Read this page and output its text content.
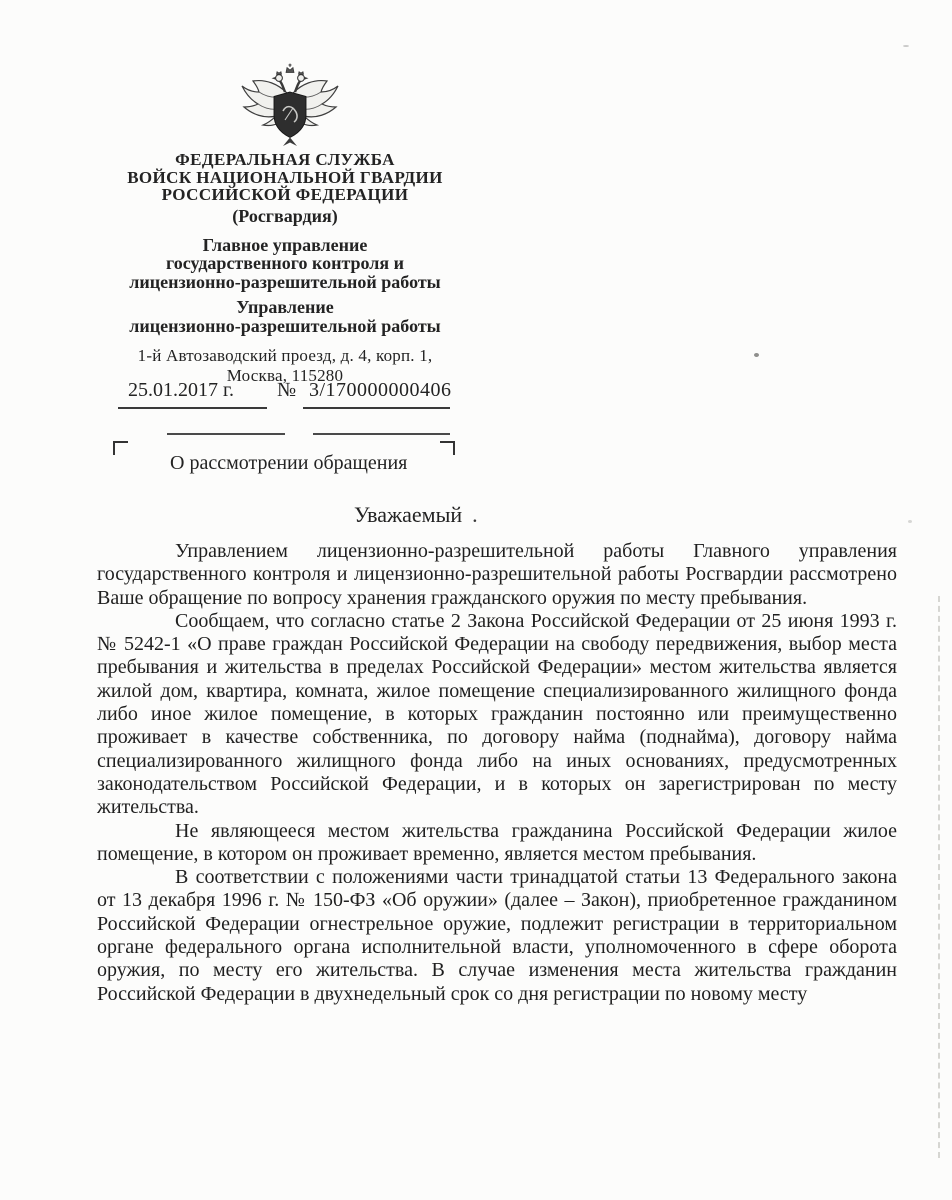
ФЕДЕРАЛЬНАЯ СЛУЖБА
ВОЙСК НАЦИОНАЛЬНОЙ ГВАРДИИ
РОССИЙСКОЙ ФЕДЕРАЦИИ
(Росгвардия)
Главное управление
государственного контроля и
лицензионно-разрешительной работы
Управление
лицензионно-разрешительной работы
1-й Автозаводский проезд, д. 4, корп. 1,
Москва, 115280
25.01.2017 г. № 3/170000000406
О рассмотрении обращения
Уважаемый .

Управлением лицензионно-разрешительной работы Главного управления государственного контроля и лицензионно-разрешительной работы Росгвардии рассмотрено Ваше обращение по вопросу хранения гражданского оружия по месту пребывания.

Сообщаем, что согласно статье 2 Закона Российской Федерации от 25 июня 1993 г. № 5242-1 «О праве граждан Российской Федерации на свободу передвижения, выбор места пребывания и жительства в пределах Российской Федерации» местом жительства является жилой дом, квартира, комната, жилое помещение специализированного жилищного фонда либо иное жилое помещение, в которых гражданин постоянно или преимущественно проживает в качестве собственника, по договору найма (поднайма), договору найма специализированного жилищного фонда либо на иных основаниях, предусмотренных законодательством Российской Федерации, и в которых он зарегистрирован по месту жительства.

Не являющееся местом жительства гражданина Российской Федерации жилое помещение, в котором он проживает временно, является местом пребывания.

В соответствии с положениями части тринадцатой статьи 13 Федерального закона от 13 декабря 1996 г. № 150-ФЗ «Об оружии» (далее – Закон), приобретенное гражданином Российской Федерации огнестрельное оружие, подлежит регистрации в территориальном органе федерального органа исполнительной власти, уполномоченного в сфере оборота оружия, по месту его жительства. В случае изменения места жительства гражданин Российской Федерации в двухнедельный срок со дня регистрации по новому месту
